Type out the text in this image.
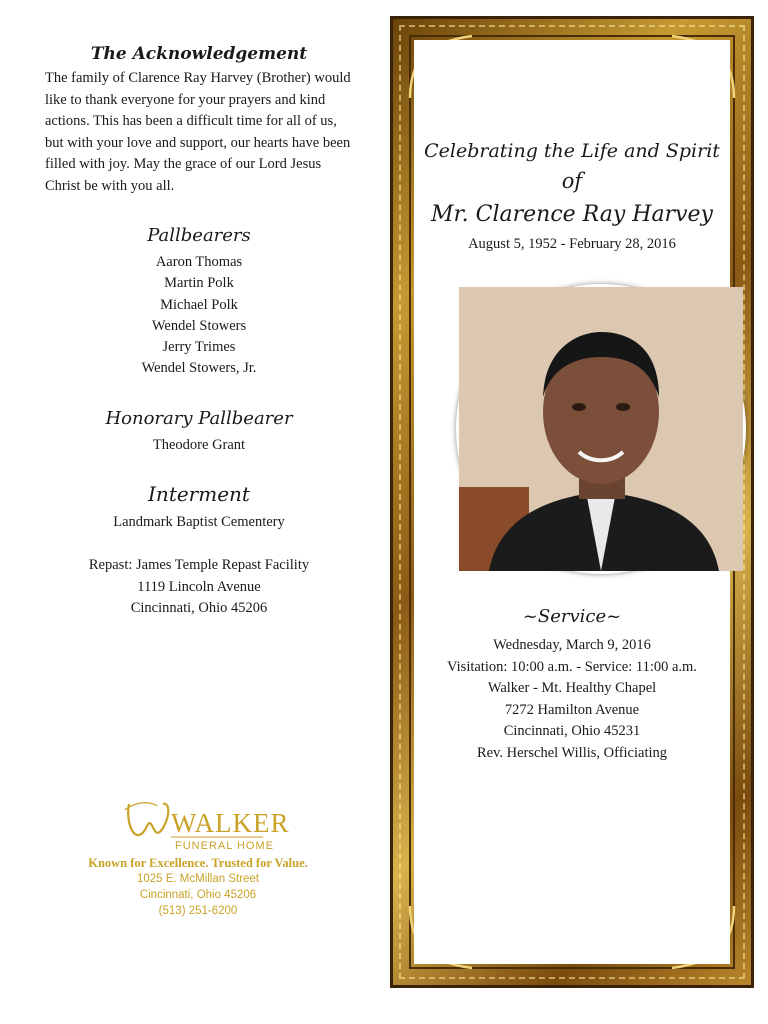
The Acknowledgement
The family of Clarence Ray Harvey (Brother) would like to thank everyone for your prayers and kind actions. This has been a difficult time for all of us, but with your love and support, our hearts have been filled with joy. May the grace of our Lord Jesus Christ be with you all.
Pallbearers
Aaron Thomas
Martin Polk
Michael Polk
Wendel Stowers
Jerry Trimes
Wendel Stowers, Jr.
Honorary Pallbearer
Theodore Grant
Interment
Landmark Baptist Cementery
Repast: James Temple Repast Facility
1119 Lincoln Avenue
Cincinnati, Ohio 45206
WALKER
FUNERAL HOME
Known for Excellence. Trusted for Value.
1025 E. McMillan Street
Cincinnati, Ohio 45206
(513) 251-6200
Celebrating the Life and Spirit
of
Mr. Clarence Ray Harvey
August 5, 1952 - February 28, 2016
~Service~
Wednesday, March 9, 2016
Visitation: 10:00 a.m. - Service: 11:00 a.m.
Walker - Mt. Healthy Chapel
7272 Hamilton Avenue
Cincinnati, Ohio 45231
Rev. Herschel Willis, Officiating
